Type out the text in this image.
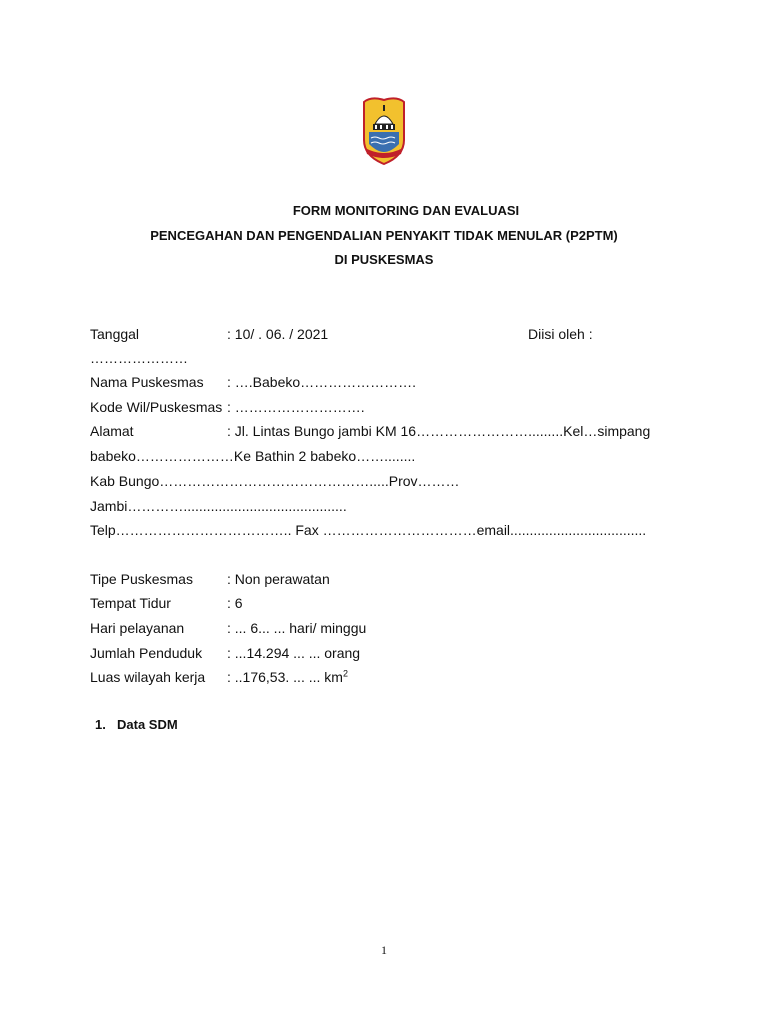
FORM MONITORING DAN EVALUASI
PENCEGAHAN DAN PENGENDALIAN PENYAKIT TIDAK MENULAR (P2PTM)
DI PUSKESMAS
Tanggal	: 10/ . 06. / 2021	Diisi oleh :
…………………
Nama Puskesmas : ….Babeko…………………….
Kode Wil/Puskesmas : ……………………….
Alamat	: Jl. Lintas Bungo jambi KM 16…………………….........Kel…simpang
babeko…………………Ke Bathin 2 babeko……........
Kab Bungo……………………………………….....Prov………
Jambi…………..........................................
Telp……………………………….. Fax ……………………………email...................................
Tipe Puskesmas : Non perawatan
Tempat Tidur	: 6
Hari pelayanan	: ... 6... ... hari/ minggu
Jumlah Penduduk : ...14.294 ... ... orang
Luas wilayah kerja : ..176,53. ... ... $km^2$
1. Data SDM
1
